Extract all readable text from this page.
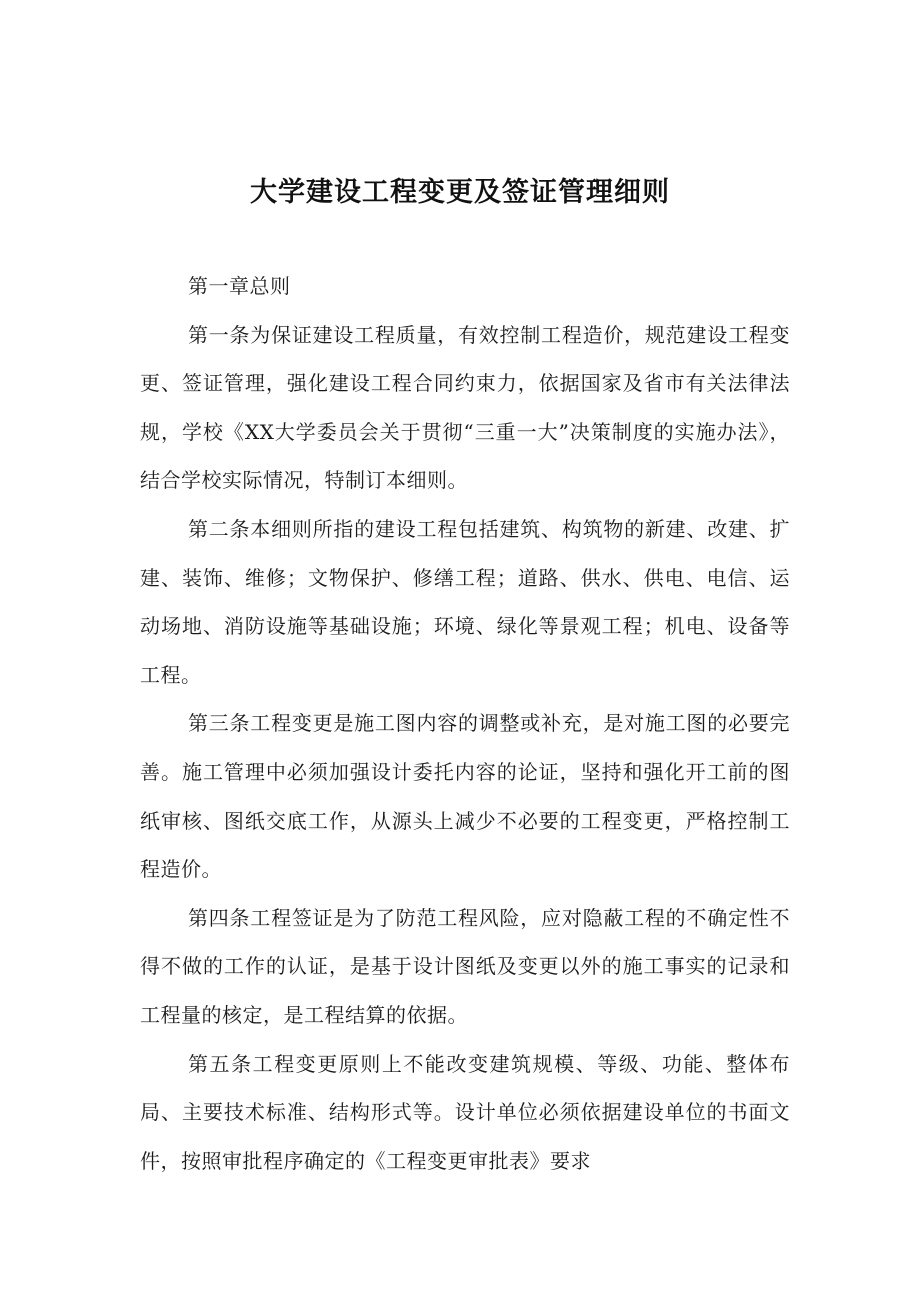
大学建设工程变更及签证管理细则

第一章总则

第一条为保证建设工程质量，有效控制工程造价，规范建设工程变更、签证管理，强化建设工程合同约束力，依据国家及省市有关法律法规，学校《XX大学委员会关于贯彻“三重一大”决策制度的实施办法》，结合学校实际情况，特制订本细则。

第二条本细则所指的建设工程包括建筑、构筑物的新建、改建、扩建、装饰、维修；文物保护、修缮工程；道路、供水、供电、电信、运动场地、消防设施等基础设施；环境、绿化等景观工程；机电、设备等工程。

第三条工程变更是施工图内容的调整或补充，是对施工图的必要完善。施工管理中必须加强设计委托内容的论证，坚持和强化开工前的图纸审核、图纸交底工作，从源头上减少不必要的工程变更，严格控制工程造价。

第四条工程签证是为了防范工程风险，应对隐蔽工程的不确定性不得不做的工作的认证，是基于设计图纸及变更以外的施工事实的记录和工程量的核定，是工程结算的依据。

第五条工程变更原则上不能改变建筑规模、等级、功能、整体布局、主要技术标准、结构形式等。设计单位必须依据建设单位的书面文件，按照审批程序确定的《工程变更审批表》要求
